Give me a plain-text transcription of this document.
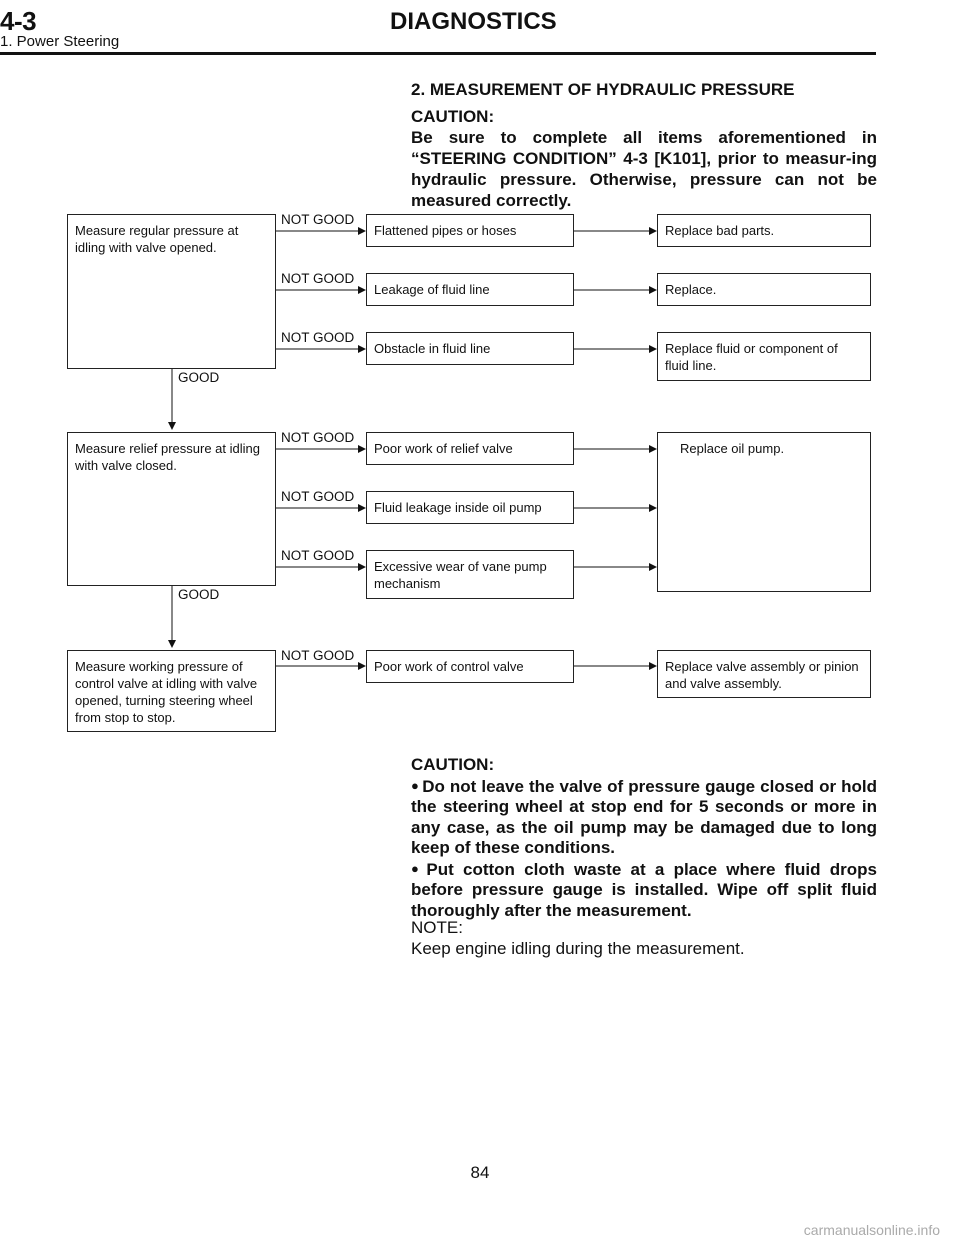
4-3	DIAGNOSTICS
1. Power Steering
2. MEASUREMENT OF HYDRAULIC PRESSURE
CAUTION:
Be sure to complete all items aforementioned in “STEERING CONDITION” 4-3 [K101], prior to measur-ing hydraulic pressure. Otherwise, pressure can not be measured correctly.
Measure regular pressure at idling with valve opened.
GOOD
NOT GOOD
Flattened pipes or hoses	Replace bad parts.
NOT GOOD
Leakage of fluid line	Replace.
NOT GOOD
Obstacle in fluid line	Replace fluid or component of fluid line.
Measure relief pressure at idling with valve closed.
GOOD
NOT GOOD
Poor work of relief valve
NOT GOOD
Fluid leakage inside oil pump
NOT GOOD
Excessive wear of vane pump mechanism
Replace oil pump.
Measure working pressure of control valve at idling with valve opened, turning steering wheel from stop to stop.
NOT GOOD
Poor work of control valve	Replace valve assembly or pinion and valve assembly.
CAUTION:
● Do not leave the valve of pressure gauge closed or hold the steering wheel at stop end for 5 seconds or more in any case, as the oil pump may be damaged due to long keep of these conditions.
● Put cotton cloth waste at a place where fluid drops before pressure gauge is installed. Wipe off split fluid thoroughly after the measurement.
NOTE:
Keep engine idling during the measurement.
84
carmanualsonline.info
